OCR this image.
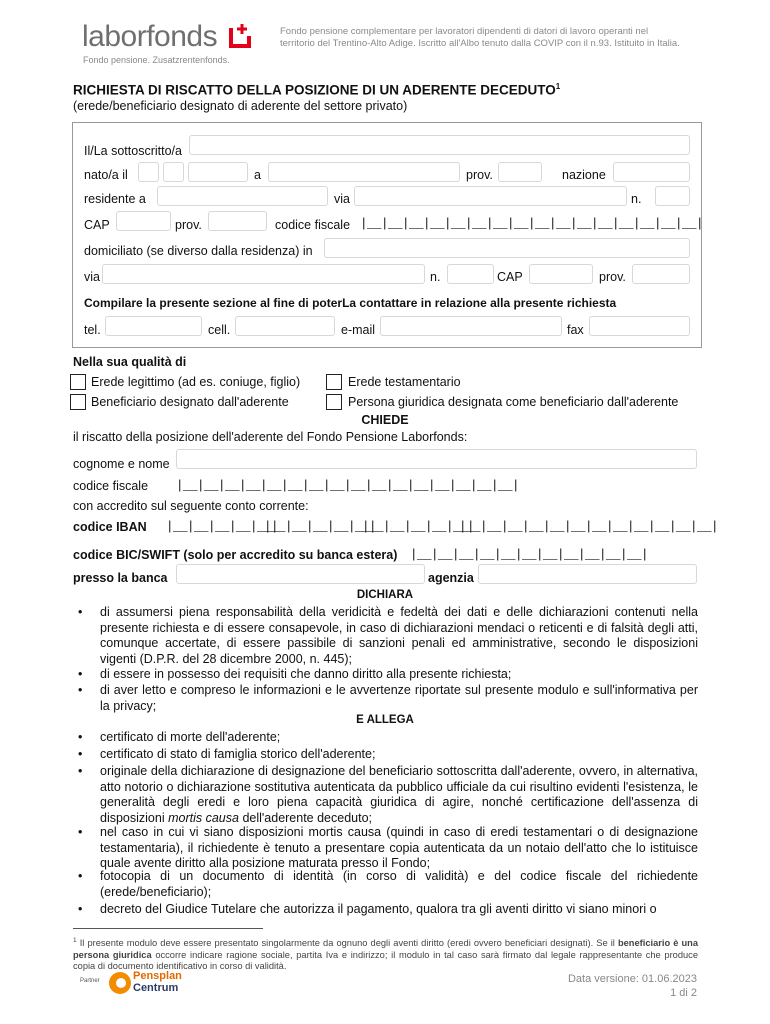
laborfonds
Fondo pensione. Zusatzrentenfonds.
Fondo pensione complementare per lavoratori dipendenti di datori di lavoro operanti nel territorio del Trentino-Alto Adige. Iscritto all'Albo tenuto dalla COVIP con il n.93. Istituito in Italia.
RICHIESTA DI RISCATTO DELLA POSIZIONE DI UN ADERENTE DECEDUTO$^1$
(erede/beneficiario designato di aderente del settore privato)
Il/La sottoscritto/a
nato/a il	a	prov.	nazione
residente a	via	n.
CAP	prov.	codice fiscale |__|__|__|__|__|__|__|__|__|__|__|__|__|__|__|__|
domiciliato (se diverso dalla residenza) in
via	n.	CAP	prov.
Compilare la presente sezione al fine di poterLa contattare in relazione alla presente richiesta
tel.	cell.	e-mail	fax
Nella sua qualità di
Erede legittimo (ad es. coniuge, figlio)	Erede testamentario
Beneficiario designato dall'aderente	Persona giuridica designata come beneficiario dall'aderente
CHIEDE
il riscatto della posizione dell'aderente del Fondo Pensione Laborfonds:
cognome e nome
codice fiscale |__|__|__|__|__|__|__|__|__|__|__|__|__|__|__|__|
con accredito sul seguente conto corrente:
codice IBAN |__|__|__|__|__|
|__|__|__|__|__|
|__|__|__|__|__|
|__|__|__|__|__|__|__|__|__|__|__|__|
codice BIC/SWIFT (solo per accredito su banca estera) |__|__|__|__|__|__|__|__|__|__|__|
presso la banca	agenzia
DICHIARA
• di assumersi piena responsabilità della veridicità e fedeltà dei dati e delle dichiarazioni contenuti nella presente richiesta e di essere consapevole, in caso di dichiarazioni mendaci o reticenti e di falsità degli atti, comunque accertate, di essere passibile di sanzioni penali ed amministrative, secondo le disposizioni vigenti (D.P.R. del 28 dicembre 2000, n. 445);
• di essere in possesso dei requisiti che danno diritto alla presente richiesta;
• di aver letto e compreso le informazioni e le avvertenze riportate sul presente modulo e sull'informativa per la privacy;
E ALLEGA
• certificato di morte dell'aderente;
• certificato di stato di famiglia storico dell'aderente;
• originale della dichiarazione di designazione del beneficiario sottoscritta dall'aderente, ovvero, in alternativa, atto notorio o dichiarazione sostitutiva autenticata da pubblico ufficiale da cui risultino evidenti l'esistenza, le generalità degli eredi e loro piena capacità giuridica di agire, nonché certificazione dell'assenza di disposizioni mortis causa dell'aderente deceduto;
• nel caso in cui vi siano disposizioni mortis causa (quindi in caso di eredi testamentari o di designazione testamentaria), il richiedente è tenuto a presentare copia autenticata da un notaio dell'atto che lo istituisce quale avente diritto alla posizione maturata presso il Fondo;
• fotocopia di un documento di identità (in corso di validità) e del codice fiscale del richiedente (erede/beneficiario);
• decreto del Giudice Tutelare che autorizza il pagamento, qualora tra gli aventi diritto vi siano minori o
$^1$ Il presente modulo deve essere presentato singolarmente da ognuno degli aventi diritto (eredi ovvero beneficiari designati). Se il beneficiario è una persona giuridica occorre indicare ragione sociale, partita Iva e indirizzo; il modulo in tal caso sarà firmato dal legale rappresentante che produce copia di documento identificativo in corso di validità.
Partner	Pensplan
Centrum
Data versione: 01.06.2023
1 di 2
